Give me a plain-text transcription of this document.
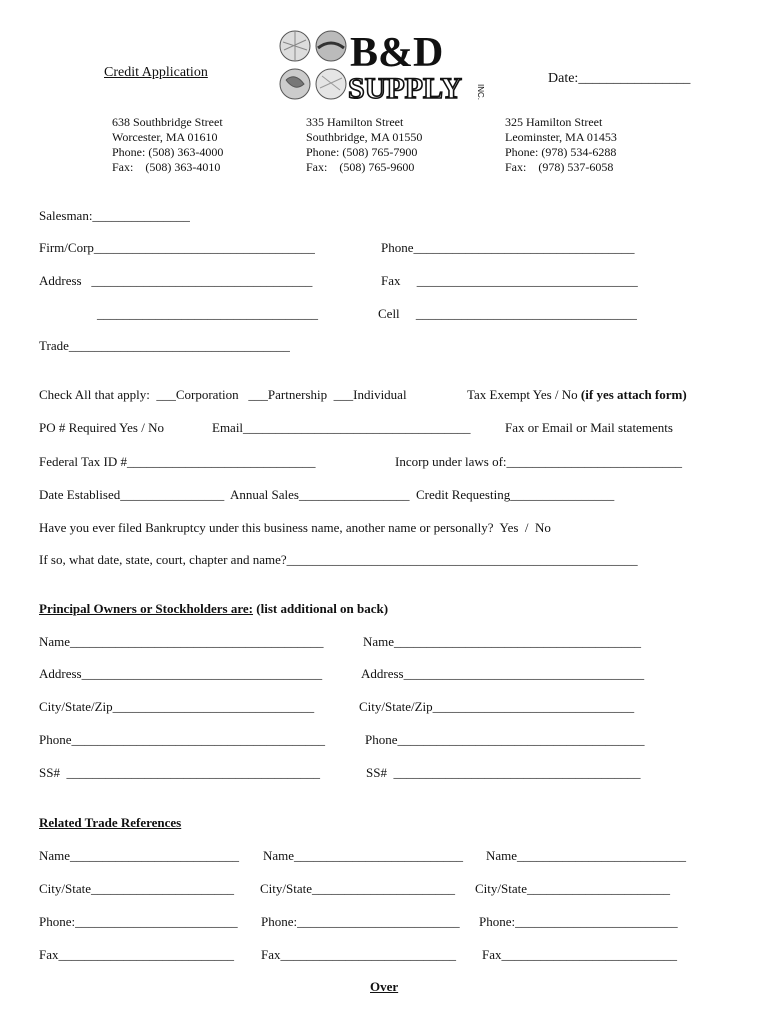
Credit Application	B&D
SUPPLY INC.
Date:________________
638 Southbridge Street
Worcester, MA 01610
Phone: (508) 363-4000
Fax:    (508) 363-4010
335 Hamilton Street
Southbridge, MA 01550
Phone: (508) 765-7900
Fax:    (508) 765-9600
325 Hamilton Street
Leominster, MA 01453
Phone: (978) 534-6288
Fax:    (978) 537-6058
Salesman:_______________
Firm/Corp__________________________________	Phone__________________________________
Address   __________________________________	Fax     __________________________________
__________________________________	Cell     __________________________________
Trade__________________________________
Check All that apply:  ___Corporation   ___Partnership  ___Individual	Tax Exempt Yes / No (if yes attach form)
PO # Required Yes / No	Email___________________________________	Fax or Email or Mail statements
Federal Tax ID #_____________________________	Incorp under laws of:___________________________
Date Establised________________  Annual Sales_________________  Credit Requesting________________
Have you ever filed Bankruptcy under this business name, another name or personally?  Yes  /  No
If so, what date, state, court, chapter and name?______________________________________________________
Principal Owners or Stockholders are: (list additional on back)
Name_______________________________________	Name______________________________________
Address_____________________________________	Address_____________________________________
City/State/Zip_______________________________	City/State/Zip_______________________________
Phone_______________________________________	Phone______________________________________
SS#  _______________________________________	SS#  ______________________________________
Related Trade References
Name__________________________ Name__________________________ Name__________________________
City/State______________________ City/State______________________ City/State______________________
Phone:_________________________ Phone:_________________________ Phone:_________________________
Fax___________________________ Fax___________________________ Fax___________________________
Over
